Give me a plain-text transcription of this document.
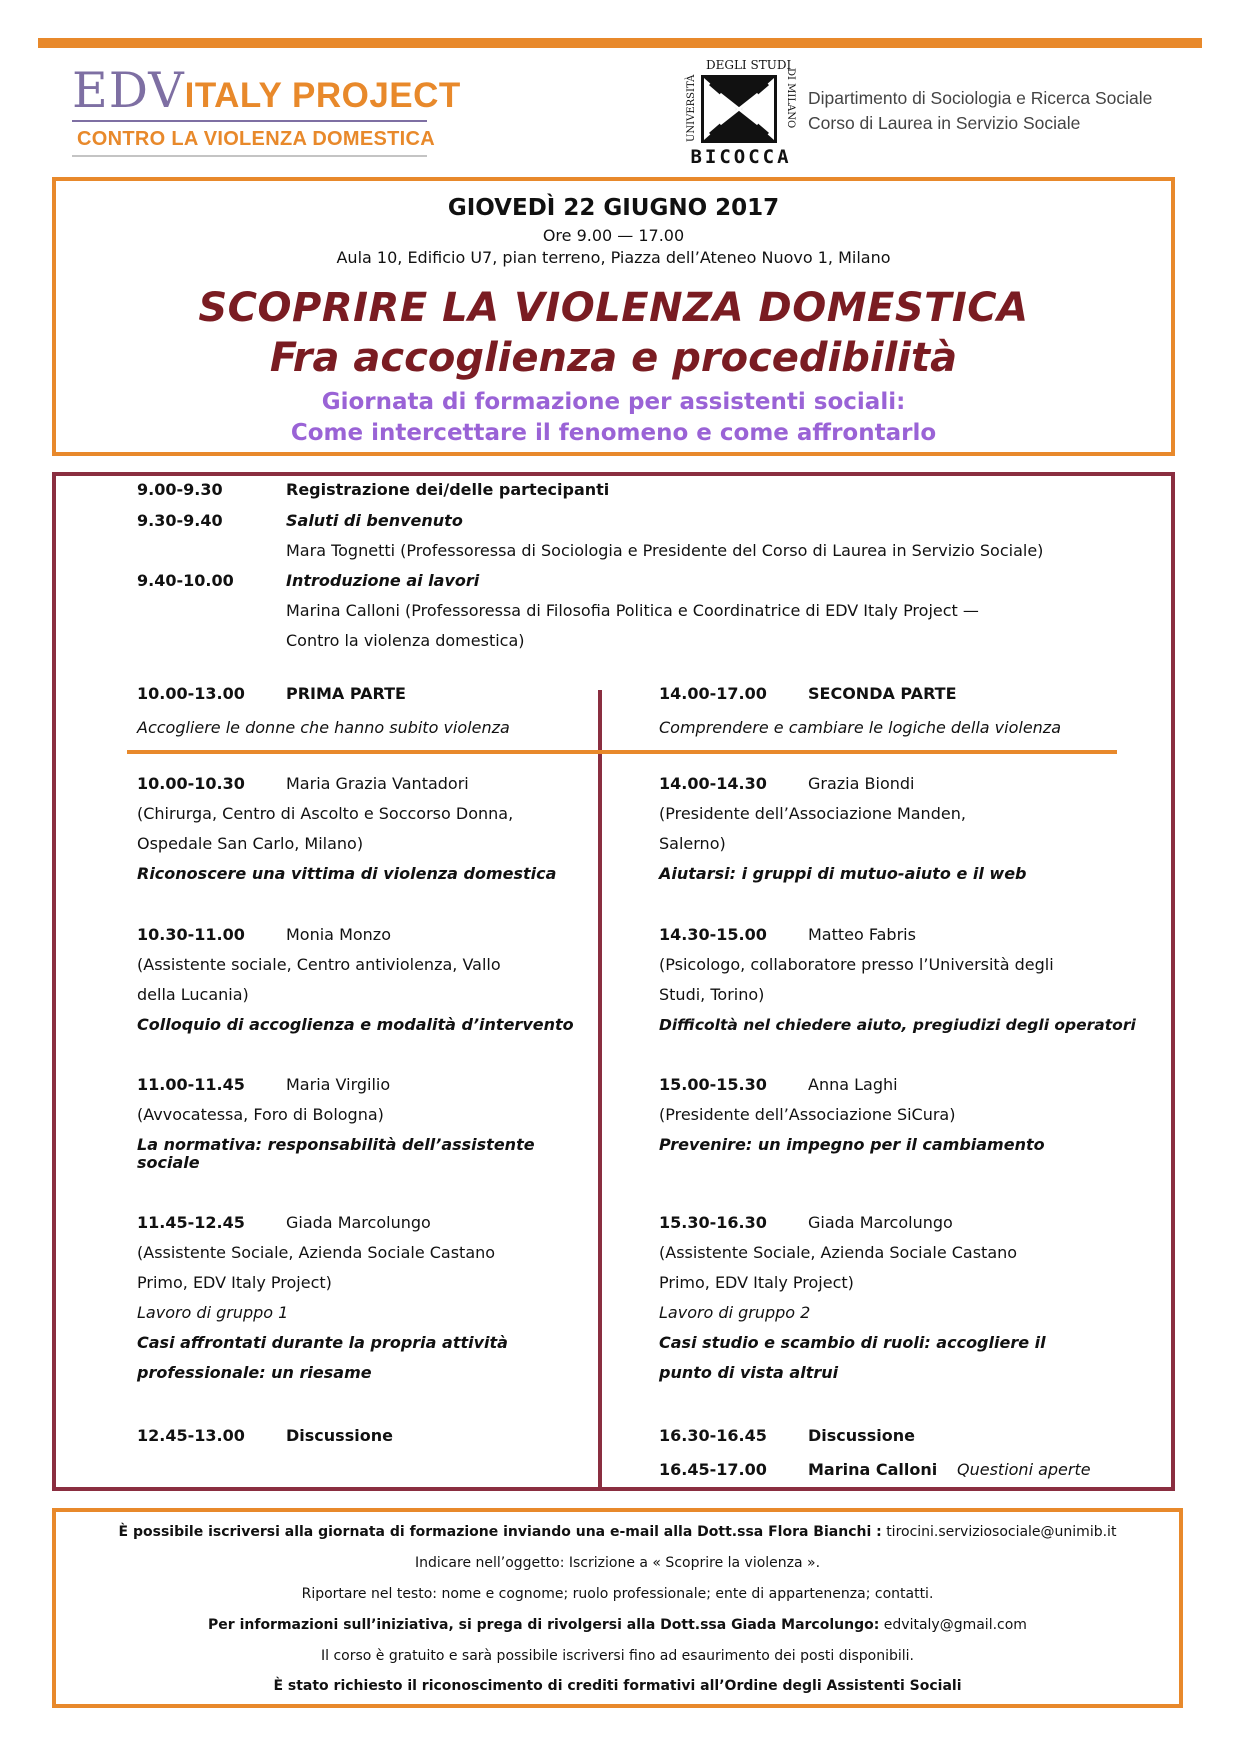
EDVITALY PROJECT
CONTRO LA VIOLENZA DOMESTICA	UNIVERSITÀ
DEGLI STUDI
DI MILANO
BICOCCA
Dipartimento di Sociologia e Ricerca Sociale
Corso di Laurea in Servizio Sociale
GIOVEDÌ 22 GIUGNO 2017
Ore 9.00 — 17.00
Aula 10, Edificio U7, pian terreno, Piazza dell’Ateneo Nuovo 1, Milano
SCOPRIRE LA VIOLENZA DOMESTICA
Fra accoglienza e procedibilità
Giornata di formazione per assistenti sociali:
Come intercettare il fenomeno e come affrontarlo
9.00-9.30	Registrazione dei/delle partecipanti
9.30-9.40	Saluti di benvenuto
Mara Tognetti (Professoressa di Sociologia e Presidente del Corso di Laurea in Servizio Sociale)
9.40-10.00	Introduzione ai lavori
Marina Calloni (Professoressa di Filosofia Politica e Coordinatrice di EDV Italy Project —
Contro la violenza domestica)
10.00-13.00	PRIMA PARTE
Accogliere le donne che hanno subito violenza
14.00-17.00	SECONDA PARTE
Comprendere e cambiare le logiche della violenza
10.00-10.30	Maria Grazia Vantadori
(Chirurga, Centro di Ascolto e Soccorso Donna,
Ospedale San Carlo, Milano)
Riconoscere una vittima di violenza domestica
10.30-11.00	Monia Monzo
(Assistente sociale, Centro antiviolenza, Vallo
della Lucania)
Colloquio di accoglienza e modalità d’intervento
11.00-11.45	Maria Virgilio
(Avvocatessa, Foro di Bologna)
La normativa: responsabilità dell’assistente
sociale
11.45-12.45	Giada Marcolungo
(Assistente Sociale, Azienda Sociale Castano
Primo, EDV Italy Project)
Lavoro di gruppo 1
Casi affrontati durante la propria attività
professionale: un riesame
12.45-13.00	Discussione
14.00-14.30	Grazia Biondi
(Presidente dell’Associazione Manden,
Salerno)
Aiutarsi: i gruppi di mutuo-aiuto e il web
14.30-15.00	Matteo Fabris
(Psicologo, collaboratore presso l’Università degli
Studi, Torino)
Difficoltà nel chiedere aiuto, pregiudizi degli operatori
15.00-15.30	Anna Laghi
(Presidente dell’Associazione SiCura)
Prevenire: un impegno per il cambiamento
15.30-16.30	Giada Marcolungo
(Assistente Sociale, Azienda Sociale Castano
Primo, EDV Italy Project)
Lavoro di gruppo 2
Casi studio e scambio di ruoli: accogliere il
punto di vista altrui
16.30-16.45	Discussione
16.45-17.00	Marina Calloni Questioni aperte
È possibile iscriversi alla giornata di formazione inviando una e-mail alla Dott.ssa Flora Bianchi : tirocini.serviziosociale@unimib.it
Indicare nell’oggetto: Iscrizione a « Scoprire la violenza ».
Riportare nel testo: nome e cognome; ruolo professionale; ente di appartenenza; contatti.
Per informazioni sull’iniziativa, si prega di rivolgersi alla Dott.ssa Giada Marcolungo: edvitaly@gmail.com
Il corso è gratuito e sarà possibile iscriversi fino ad esaurimento dei posti disponibili.
È stato richiesto il riconoscimento di crediti formativi all’Ordine degli Assistenti Sociali
